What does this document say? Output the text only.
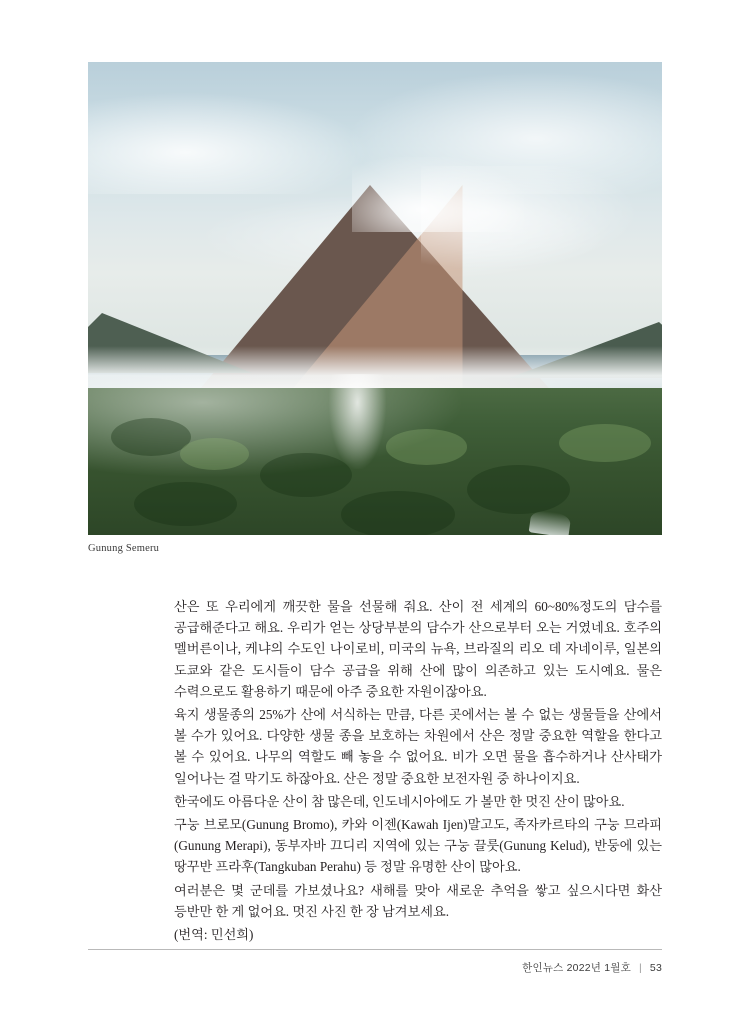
Gunung Semeru

산은 또 우리에게 깨끗한 물을 선물해 줘요. 산이 전 세계의 60~80%정도의 담수를 공급해준다고 해요. 우리가 얻는 상당부분의 담수가 산으로부터 오는 거였네요. 호주의 멜버른이나, 케냐의 수도인 나이로비, 미국의 뉴욕, 브라질의 리오 데 자네이루, 일본의 도쿄와 같은 도시들이 담수 공급을 위해 산에 많이 의존하고 있는 도시예요. 물은 수력으로도 활용하기 때문에 아주 중요한 자원이잖아요.

육지 생물종의 25%가 산에 서식하는 만큼, 다른 곳에서는 볼 수 없는 생물들을 산에서 볼 수가 있어요. 다양한 생물 종을 보호하는 차원에서 산은 정말 중요한 역할을 한다고 볼 수 있어요. 나무의 역할도 빼 놓을 수 없어요. 비가 오면 물을 흡수하거나 산사태가 일어나는 걸 막기도 하잖아요. 산은 정말 중요한 보전자원 중 하나이지요.

한국에도 아름다운 산이 참 많은데, 인도네시아에도 가 볼만 한 멋진 산이 많아요.

구눙 브로모(Gunung Bromo), 카와 이젠(Kawah Ijen)말고도, 족자카르타의 구눙 므라피(Gunung Merapi), 동부자바 끄디리 지역에 있는 구눙 끌룻(Gunung Kelud), 반둥에 있는 땅꾸반 프라후(Tangkuban Perahu) 등 정말 유명한 산이 많아요.

여러분은 몇 군데를 가보셨나요? 새해를 맞아 새로운 추억을 쌓고 싶으시다면 화산 등반만 한 게 없어요. 멋진 사진 한 장 남겨보세요.

(번역: 민선희)

한인뉴스 2022년 1월호 | 53
